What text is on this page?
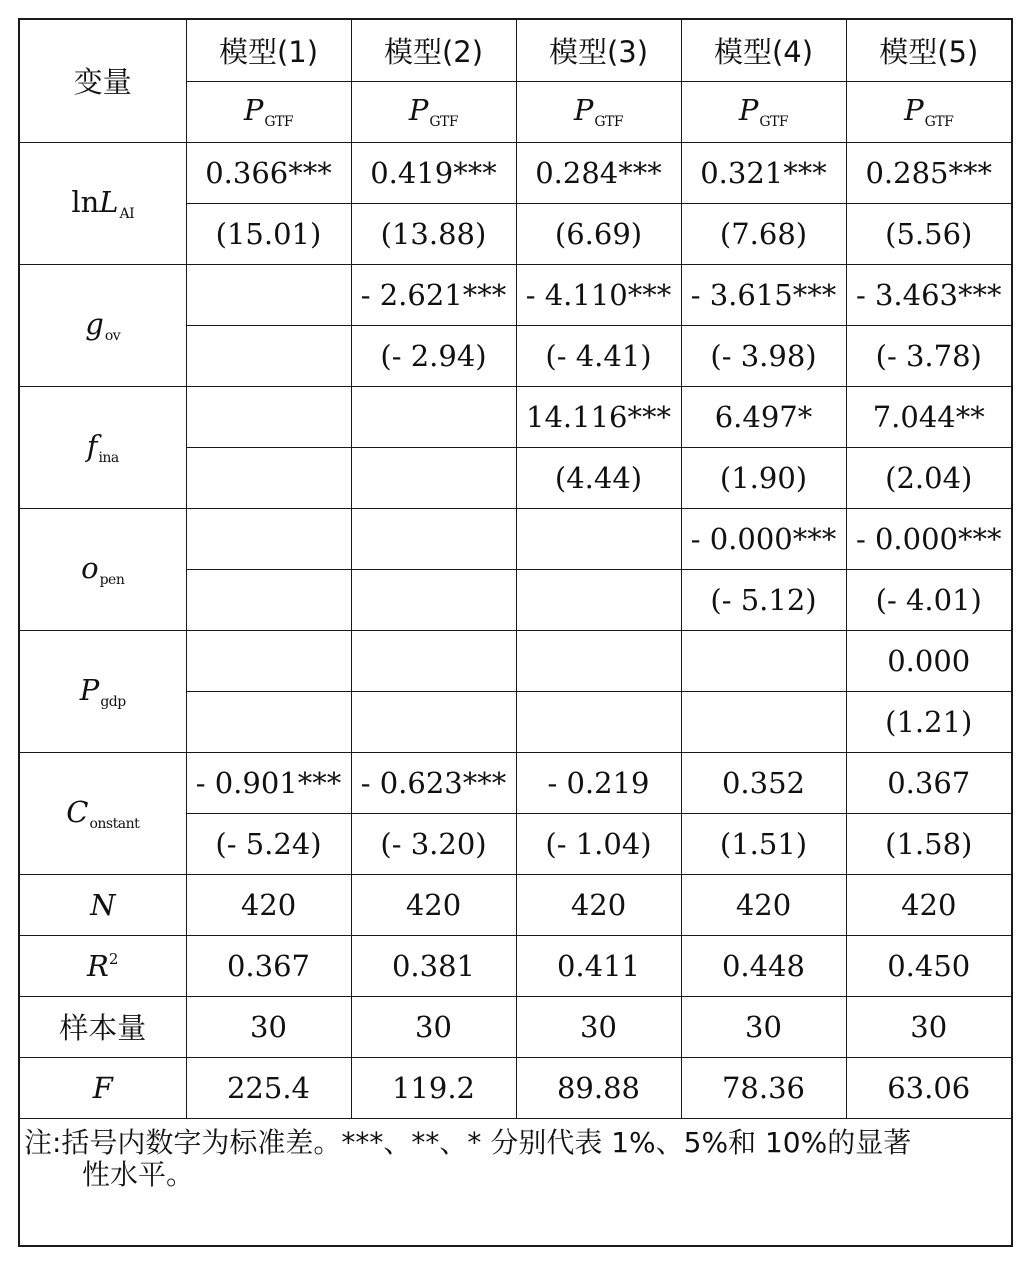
变量	模型(1)	模型(2)	模型(3)	模型(4)	模型(5)
	$P_{GTF}$	$P_{GTF}$	$P_{GTF}$	$P_{GTF}$	$P_{GTF}$
lnL$_{AI}$	0.366***	0.419***	0.284***	0.321***	0.285***
	(15.01)	(13.88)	(6.69)	(7.68)	(5.56)
$g_{ov}$		- 2.621***	- 4.110***	- 3.615***	- 3.463***
		(- 2.94)	(- 4.41)	(- 3.98)	(- 3.78)
$f_{ina}$			14.116***	6.497*	7.044**
			(4.44)	(1.90)	(2.04)
$o_{pen}$				- 0.000***	- 0.000***
				(- 5.12)	(- 4.01)
$P_{gdp}$					0.000
					(1.21)
$C_{onstant}$	- 0.901***	- 0.623***	- 0.219	0.352	0.367
	(- 5.24)	(- 3.20)	(- 1.04)	(1.51)	(1.58)
N	420	420	420	420	420
$R^2$	0.367	0.381	0.411	0.448	0.450
样本量	30	30	30	30	30
F	225.4	119.2	89.88	78.36	63.06
注:括号内数字为标准差。***、**、* 分别代表 1%、5%和 10%的显著
性水平。
